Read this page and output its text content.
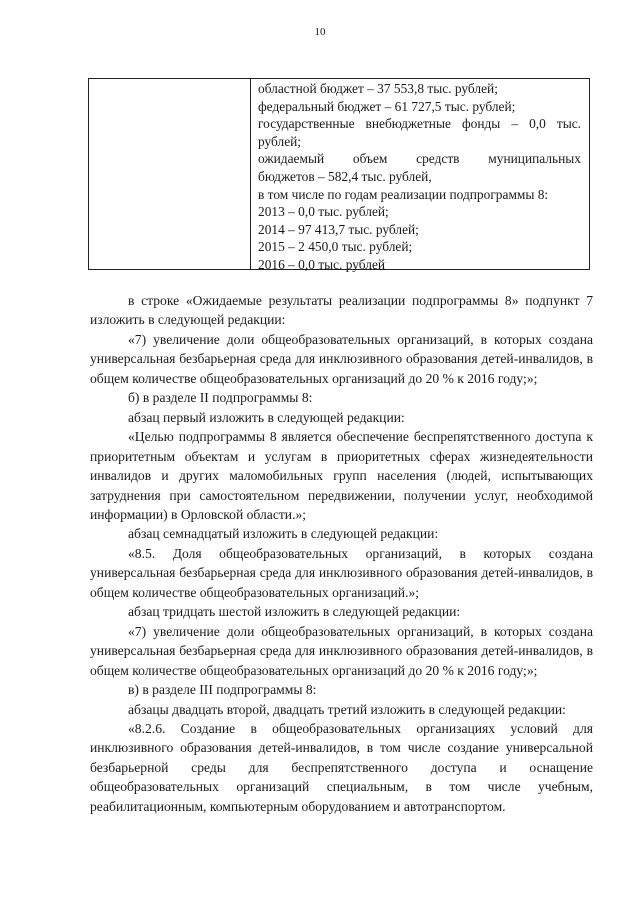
10
областной бюджет – 37 553,8 тыс. рублей;
федеральный бюджет – 61 727,5 тыс. рублей;
государственные внебюджетные фонды – 0,0 тыс.
рублей;
ожидаемый объем средств муниципальных
бюджетов – 582,4 тыс. рублей,
в том числе по годам реализации подпрограммы 8:
2013 – 0,0 тыс. рублей;
2014 – 97 413,7 тыс. рублей;
2015 – 2 450,0 тыс. рублей;
2016 – 0,0 тыс. рублей
в строке «Ожидаемые результаты реализации подпрограммы 8» подпункт 7 изложить в следующей редакции:
«7) увеличение доли общеобразовательных организаций, в которых создана универсальная безбарьерная среда для инклюзивного образования детей-инвалидов, в общем количестве общеобразовательных организаций до 20 % к 2016 году;»;
б) в разделе II подпрограммы 8:
абзац первый изложить в следующей редакции:
«Целью подпрограммы 8 является обеспечение беспрепятственного доступа к приоритетным объектам и услугам в приоритетных сферах жизнедеятельности инвалидов и других маломобильных групп населения (людей, испытывающих затруднения при самостоятельном передвижении, получении услуг, необходимой информации) в Орловской области.»;
абзац семнадцатый изложить в следующей редакции:
«8.5. Доля общеобразовательных организаций, в которых создана универсальная безбарьерная среда для инклюзивного образования детей-инвалидов, в общем количестве общеобразовательных организаций.»;
абзац тридцать шестой изложить в следующей редакции:
«7) увеличение доли общеобразовательных организаций, в которых создана универсальная безбарьерная среда для инклюзивного образования детей-инвалидов, в общем количестве общеобразовательных организаций до 20 % к 2016 году;»;
в) в разделе III подпрограммы 8:
абзацы двадцать второй, двадцать третий изложить в следующей редакции:
«8.2.6. Создание в общеобразовательных организациях условий для инклюзивного образования детей-инвалидов, в том числе создание универсальной безбарьерной среды для беспрепятственного доступа и оснащение общеобразовательных организаций специальным, в том числе учебным, реабилитационным, компьютерным оборудованием и автотранспортом.
